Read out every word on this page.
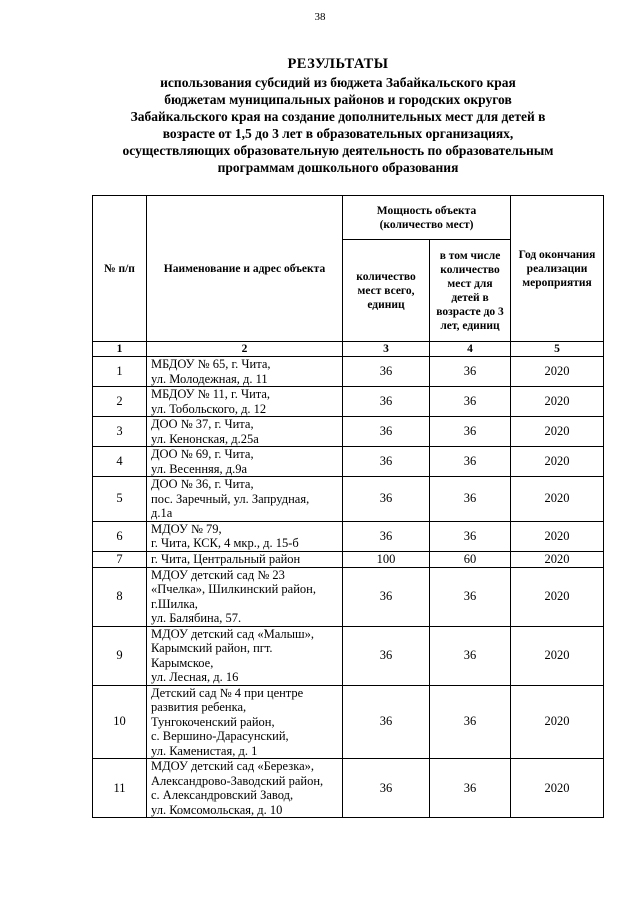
38
РЕЗУЛЬТАТЫ
использования субсидий из бюджета Забайкальского края
бюджетам муниципальных районов и городских округов
Забайкальского края на создание дополнительных мест для детей в
возрасте от 1,5 до 3 лет в образовательных организациях,
осуществляющих образовательную деятельность по образовательным
программам дошкольного образования
№ п/п	Наименование и адрес объекта	Мощность объекта (количество мест)		Год окончания реализации мероприятия
		количество мест всего, единиц	в том числе количество мест для детей в возрасте до 3 лет, единиц	
1	2	3	4	5
1	МБДОУ № 65, г. Чита,
ул. Молодежная, д. 11	36	36	2020
2	МБДОУ № 11, г. Чита,
ул. Тобольского, д. 12	36	36	2020
3	ДОО № 37, г. Чита,
ул. Кенонская, д.25а	36	36	2020
4	ДОО № 69, г. Чита,
ул. Весенняя, д.9а	36	36	2020
5	ДОО № 36, г. Чита,
пос. Заречный, ул. Запрудная,
д.1а	36	36	2020
6	МДОУ № 79,
г. Чита, КСК, 4 мкр., д. 15-б	36	36	2020
7	г. Чита, Центральный район	100	60	2020
8	МДОУ детский сад № 23
«Пчелка», Шилкинский район,
г.Шилка,
ул. Балябина, 57.	36	36	2020
9	МДОУ детский сад «Малыш»,
Карымский район, пгт.
Карымское,
ул. Лесная, д. 16	36	36	2020
10	Детский сад № 4 при центре
развития ребенка,
Тунгокоченский район,
с. Вершино-Дарасунский,
ул. Каменистая, д. 1	36	36	2020
11	МДОУ детский сад «Березка»,
Александрово-Заводский район,
с. Александровский Завод,
ул. Комсомольская, д. 10	36	36	2020
